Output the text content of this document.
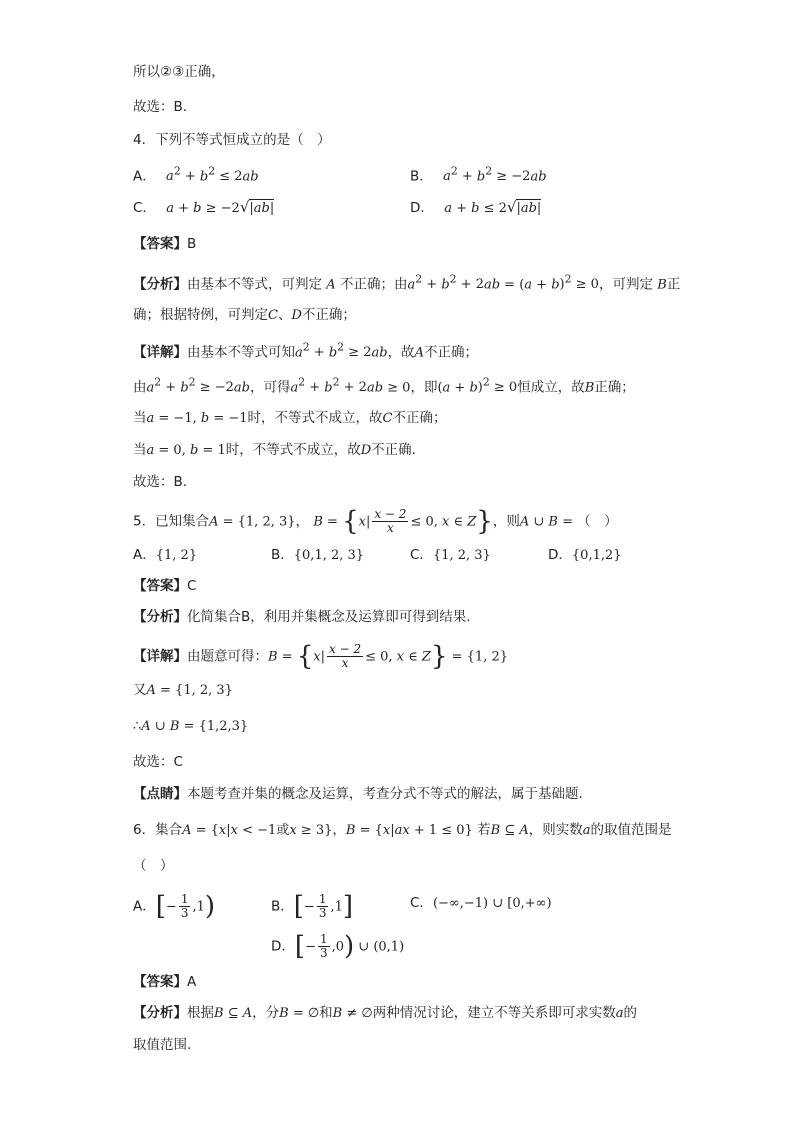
所以②③正确，
故选：B.
4．下列不等式恒成立的是（　）
A． $a^2 + b^2 \le 2ab$	B． $a^2 + b^2 \ge -2ab$
C． a + b ≥ −2√|ab|	D． a + b ≤ 2√|ab|
【答案】B
【分析】由基本不等式，可判定 A 不正确；由$a^2 + b^2 + 2ab = (a + b)^2 \ge 0$，可判定 B正
确；根据特例，可判定C、D不正确；
【详解】由基本不等式可知$a^2 + b^2 \ge 2ab$，故A不正确；
由$a^2 + b^2 \ge -2ab$，可得$a^2 + b^2 + 2ab \ge 0$，即$(a + b)^2 \ge 0$恒成立，故B正确；
当a = −1, b = −1时，不等式不成立，故C不正确；
当a = 0, b = 1时，不等式不成立，故D不正确.
故选：B.
5．已知集合A = {1, 2, 3}， $B = \{x| \frac{x - 2}{x} \le 0$, x ∈ Z}，则A ∪ B = （　）
A．{1, 2}	B．{0,1, 2, 3}	C．{1, 2, 3}	D．{0,1,2}
【答案】C
【分析】化简集合B，利用并集概念及运算即可得到结果.
【详解】由题意可得：$B = \{x| \frac{x - 2}{x} \le 0$, x ∈ Z} = {1, 2}
又A = {1, 2, 3}
∴A ∪ B = {1,2,3}
故选：C
【点睛】本题考查并集的概念及运算，考查分式不等式的解法，属于基础题.
6．集合A = {x|x < −1或x ≥ 3}，B = {x|ax + 1 ≤ 0} 若B ⊆ A，则实数a的取值范围是
（　）
A．[− $\frac{1}{3} ,1$)	B．[− $\frac{1}{3} ,1$]	C．(−∞,−1) ∪ [0,+∞)
D．[− $\frac{1}{3} ,0$) ∪ (0,1)
【答案】A
【分析】根据B ⊆ A，分B = ∅和B ≠ ∅两种情况讨论，建立不等关系即可求实数a的
取值范围.
